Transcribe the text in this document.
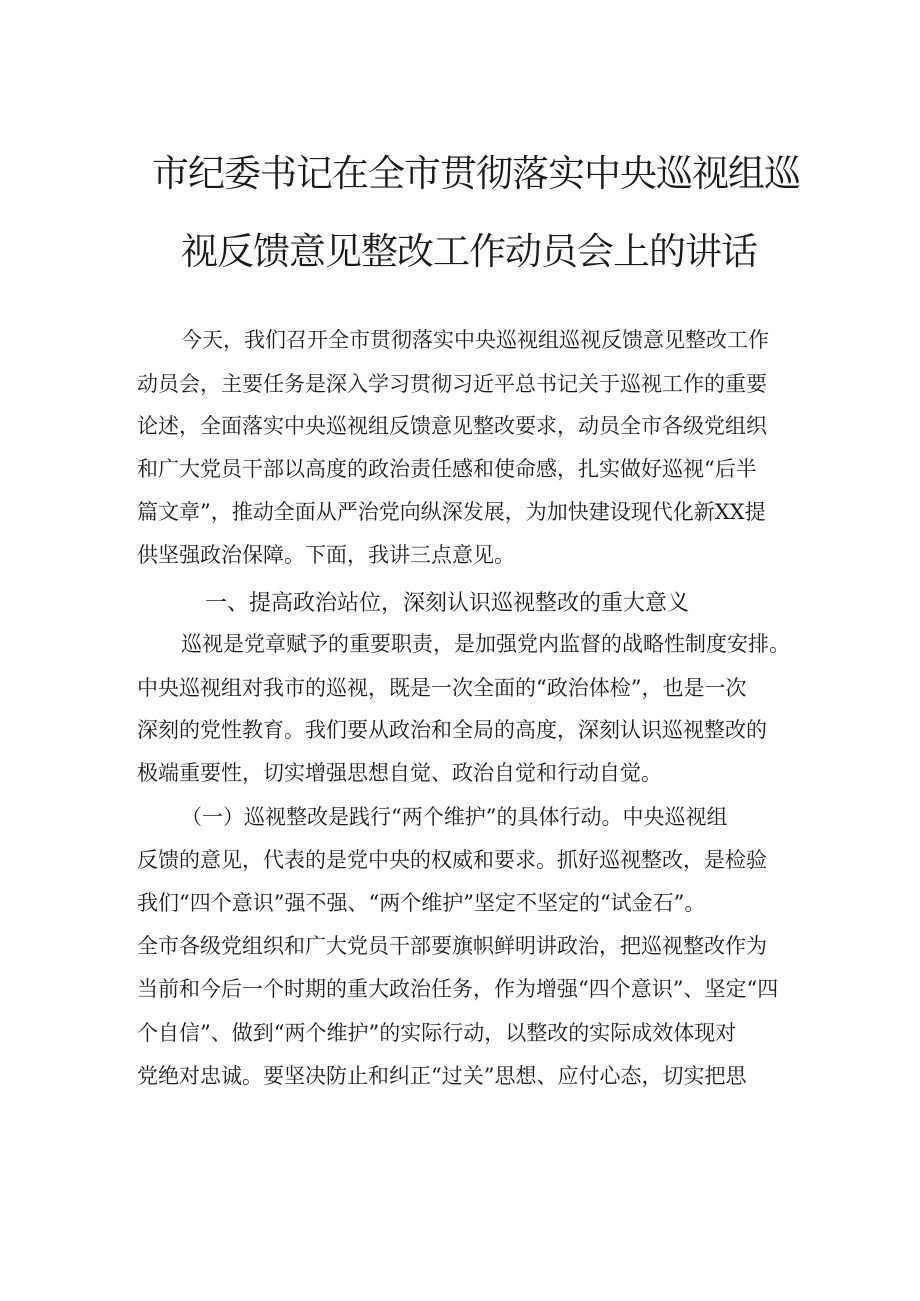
市纪委书记在全市贯彻落实中央巡视组巡
视反馈意见整改工作动员会上的讲话
今天，我们召开全市贯彻落实中央巡视组巡视反馈意见整改工作
动员会，主要任务是深入学习贯彻习近平总书记关于巡视工作的重要
论述，全面落实中央巡视组反馈意见整改要求，动员全市各级党组织
和广大党员干部以高度的政治责任感和使命感，扎实做好巡视“后半
篇文章”，推动全面从严治党向纵深发展，为加快建设现代化新XX提
供坚强政治保障。下面，我讲三点意见。
一、提高政治站位，深刻认识巡视整改的重大意义
巡视是党章赋予的重要职责，是加强党内监督的战略性制度安排。
中央巡视组对我市的巡视，既是一次全面的“政治体检”，也是一次
深刻的党性教育。我们要从政治和全局的高度，深刻认识巡视整改的
极端重要性，切实增强思想自觉、政治自觉和行动自觉。
（一）巡视整改是践行“两个维护”的具体行动。中央巡视组
反馈的意见，代表的是党中央的权威和要求。抓好巡视整改，是检验
我们“四个意识”强不强、“两个维护”坚定不坚定的“试金石”。
全市各级党组织和广大党员干部要旗帜鲜明讲政治，把巡视整改作为
当前和今后一个时期的重大政治任务，作为增强“四个意识”、坚定“四
个自信”、做到“两个维护”的实际行动，以整改的实际成效体现对
党绝对忠诚。要坚决防止和纠正“过关”思想、应付心态，切实把思
